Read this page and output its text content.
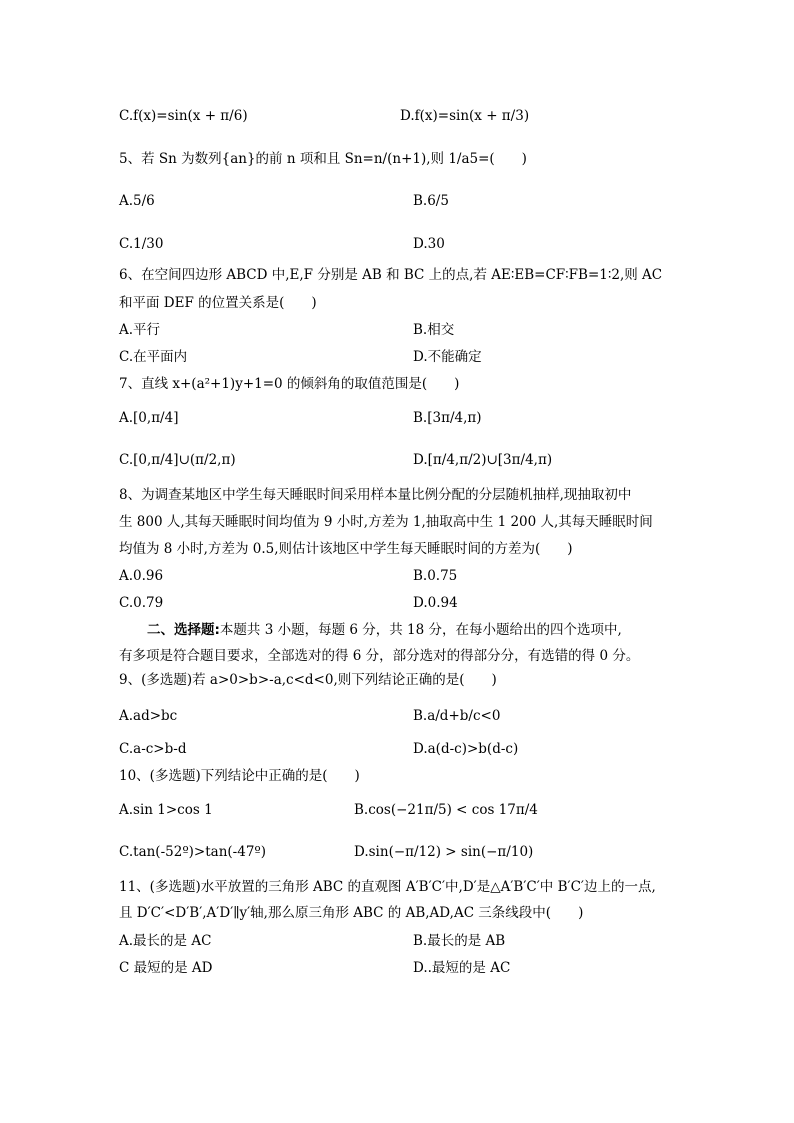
C.f(x)=sin(x + π/6)	D.f(x)=sin(x + π/3)
5、若 Sn 为数列{an}的前 n 项和且 Sn=n/(n+1),则 1/a5=(　　)
A.5/6	B.6/5
C.1/30	D.30
6、在空间四边形 ABCD 中,E,F 分别是 AB 和 BC 上的点,若 AE∶EB=CF∶FB=1∶2,则 AC
和平面 DEF 的位置关系是(　　)
A.平行	B.相交
C.在平面内	D.不能确定
7、直线 x+(a²+1)y+1=0 的倾斜角的取值范围是(　　)
A.[0,π/4]	B.[3π/4,π)
C.[0,π/4]∪(π/2,π)	D.[π/4,π/2)∪[3π/4,π)
8、为调查某地区中学生每天睡眠时间采用样本量比例分配的分层随机抽样,现抽取初中
生 800 人,其每天睡眠时间均值为 9 小时,方差为 1,抽取高中生 1 200 人,其每天睡眠时间
均值为 8 小时,方差为 0.5,则估计该地区中学生每天睡眠时间的方差为(　　)
A.0.96	B.0.75
C.0.79	D.0.94
二、选择题:本题共 3 小题，每题 6 分，共 18 分，在每小题给出的四个选项中,
有多项是符合题目要求，全部选对的得 6 分，部分选对的得部分分，有选错的得 0 分。
9、(多选题)若 a>0>b>-a,c<d<0,则下列结论正确的是(　　)
A.ad>bc	B.a/d+b/c<0
C.a-c>b-d	D.a(d-c)>b(d-c)
10、(多选题)下列结论中正确的是(　　)
A.sin 1>cos 1	B.cos(−21π/5) < cos 17π/4
C.tan(-52º)>tan(-47º)	D.sin(−π/12) > sin(−π/10)
11、(多选题)水平放置的三角形 ABC 的直观图 A′B′C′中,D′是△A′B′C′中 B′C′边上的一点,
且 D′C′<D′B′,A′D′∥y′轴,那么原三角形 ABC 的 AB,AD,AC 三条线段中(　　)
A.最长的是 AC	B.最长的是 AB
C 最短的是 AD	D..最短的是 AC
